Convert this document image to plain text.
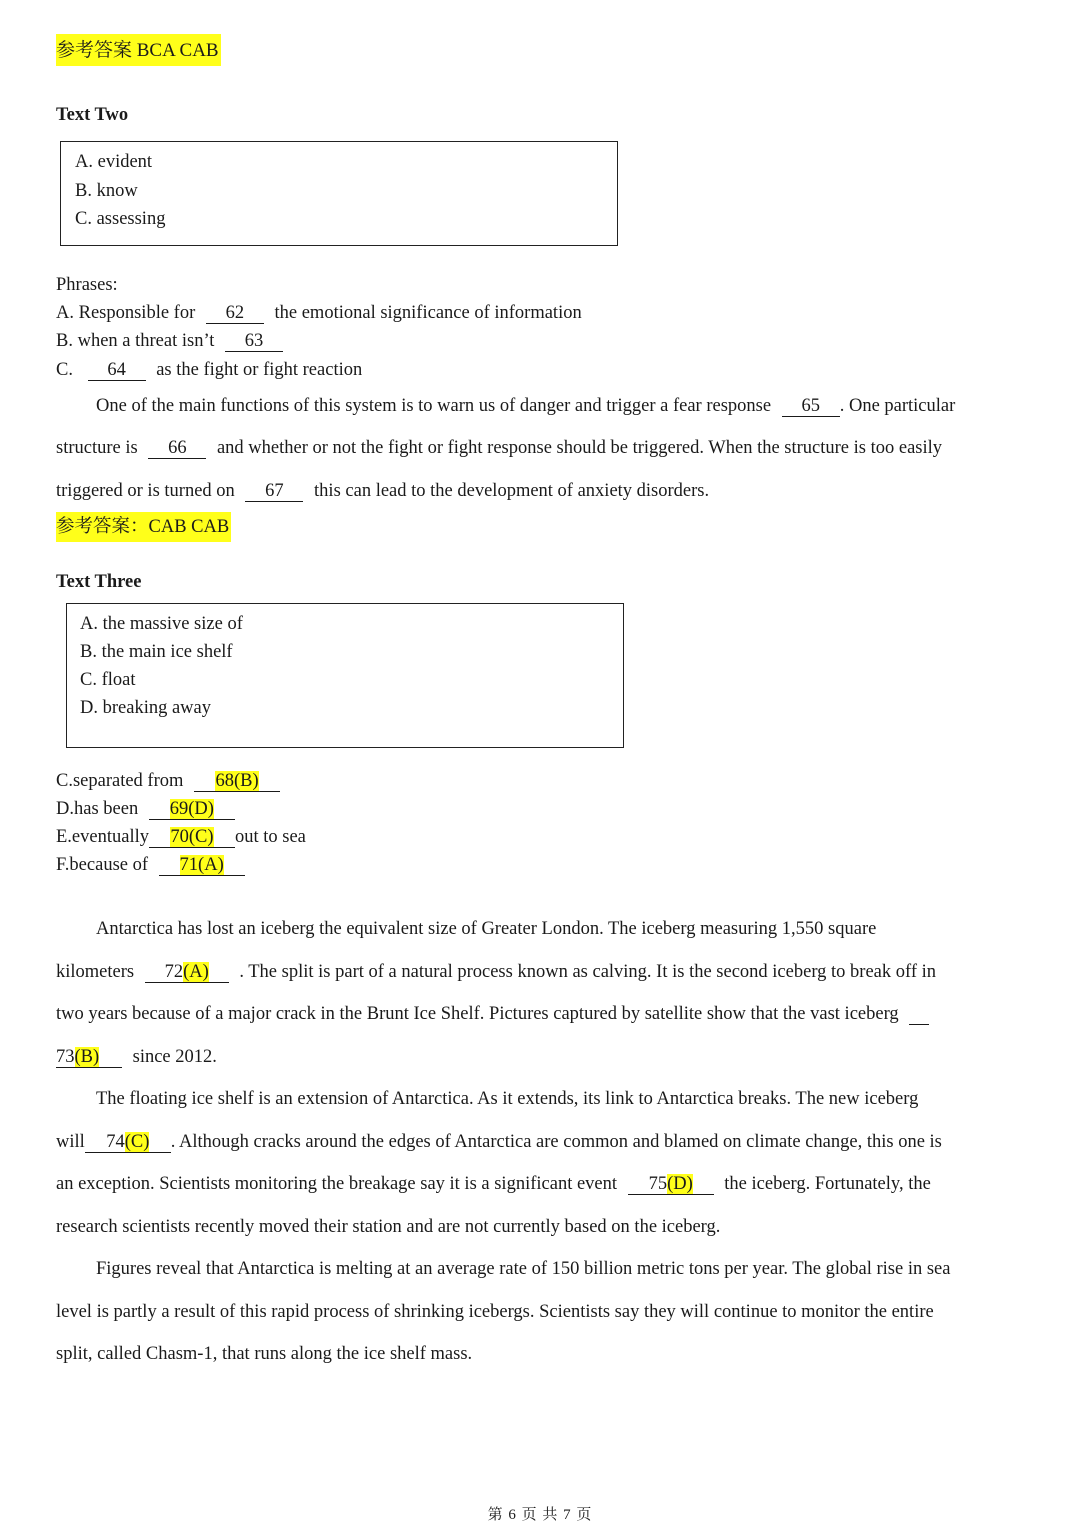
参考答案 BCA CAB
Text Two
A. evident
B. know
C. assessing
Phrases:
A. Responsible for 62 the emotional significance of information
B. when a threat isn’t 63
C. 64 as the fight or fight reaction
One of the main functions of this system is to warn us of danger and trigger a fear response 65 . One particular
structure is 66 and whether or not the fight or fight response should be triggered. When the structure is too easily
triggered or is turned on 67 this can lead to the development of anxiety disorders.
参考答案：CAB CAB
Text Three
A. the massive size of
B. the main ice shelf
C. float
D. breaking away
C.separated from 68(B)
D.has been 69(D)
E.eventually 70(C) out to sea
F.because of 71(A)
Antarctica has lost an iceberg the equivalent size of Greater London. The iceberg measuring 1,550 square
kilometers 72(A) . The split is part of a natural process known as calving. It is the second iceberg to break off in
two years because of a major crack in the Brunt Ice Shelf. Pictures captured by satellite show that the vast iceberg
73(B) since 2012.
The floating ice shelf is an extension of Antarctica. As it extends, its link to Antarctica breaks. The new iceberg
will 74(C) . Although cracks around the edges of Antarctica are common and blamed on climate change, this one is
an exception. Scientists monitoring the breakage say it is a significant event 75(D) the iceberg. Fortunately, the
research scientists recently moved their station and are not currently based on the iceberg.
Figures reveal that Antarctica is melting at an average rate of 150 billion metric tons per year. The global rise in sea
level is partly a result of this rapid process of shrinking icebergs. Scientists say they will continue to monitor the entire
split, called Chasm-1, that runs along the ice shelf mass.
第 6 页 共 7 页
